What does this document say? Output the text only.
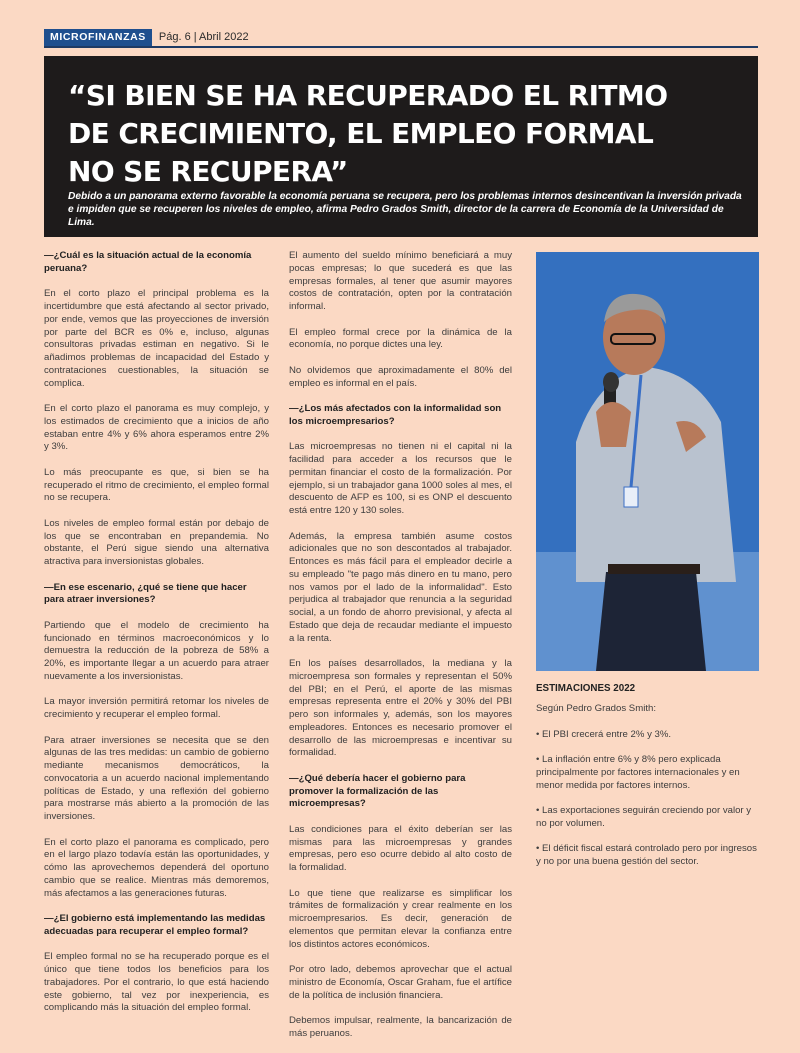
MICROFINANZAS	Pág. 6 | Abril 2022
“SI BIEN SE HA RECUPERADO EL RITMO
DE CRECIMIENTO, EL EMPLEO FORMAL
NO SE RECUPERA”

Debido a un panorama externo favorable la economía peruana se recupera, pero los problemas internos desincentivan la inversión privada e impiden que se recuperen los niveles de empleo, afirma Pedro Grados Smith, director de la carrera de Economía de la Universidad de Lima.

—¿Cuál es la situación actual de la economía peruana?

En el corto plazo el principal problema es la incertidumbre que está afectando al sector privado, por ende, vemos que las proyecciones de inversión por parte del BCR es 0% e, incluso, algunas consultoras privadas estiman en negativo. Si le añadimos problemas de incapacidad del Estado y contrataciones cuestionables, la situación se complica.

En el corto plazo el panorama es muy complejo, y los estimados de crecimiento que a inicios de año estaban entre 4% y 6% ahora esperamos entre 2% y 3%.

Lo más preocupante es que, si bien se ha recuperado el ritmo de crecimiento, el empleo formal no se recupera.

Los niveles de empleo formal están por debajo de los que se encontraban en prepandemia. No obstante, el Perú sigue siendo una alternativa atractiva para inversionistas globales.

—En ese escenario, ¿qué se tiene que hacer para atraer inversiones?

Partiendo que el modelo de crecimiento ha funcionado en términos macroeconómicos y lo demuestra la reducción de la pobreza de 58% a 20%, es importante llegar a un acuerdo para atraer nuevamente a los inversionistas.

La mayor inversión permitirá retomar los niveles de crecimiento y recuperar el empleo formal.

Para atraer inversiones se necesita que se den algunas de las tres medidas: un cambio de gobierno mediante mecanismos democráticos, la convocatoria a un acuerdo nacional implementando políticas de Estado, y una reflexión del gobierno para mostrarse más abierto a la promoción de las inversiones.

En el corto plazo el panorama es complicado, pero en el largo plazo todavía están las oportunidades, y cómo las aprovechemos dependerá del oportuno cambio que se realice. Mientras más demoremos, más afectamos a las generaciones futuras.

—¿El gobierno está implementando las medidas adecuadas para recuperar el empleo formal?

El empleo formal no se ha recuperado porque es el único que tiene todos los beneficios para los trabajadores. Por el contrario, lo que está haciendo este gobierno, tal vez por inexperiencia, es complicando más la situación del empleo formal.

El aumento del sueldo mínimo beneficiará a muy pocas empresas; lo que sucederá es que las empresas formales, al tener que asumir mayores costos de contratación, opten por la contratación informal.

El empleo formal crece por la dinámica de la economía, no porque dictes una ley.

No olvidemos que aproximadamente el 80% del empleo es informal en el país.

—¿Los más afectados con la informalidad son los microempresarios?

Las microempresas no tienen ni el capital ni la facilidad para acceder a los recursos que le permitan financiar el costo de la formalización. Por ejemplo, si un trabajador gana 1000 soles al mes, el descuento de AFP es 100, si es ONP el descuento está entre 120 y 130 soles.

Además, la empresa también asume costos adicionales que no son descontados al trabajador. Entonces es más fácil para el empleador decirle a su empleado "te pago más dinero en tu mano, pero nos vamos por el lado de la informalidad". Esto perjudica al trabajador que renuncia a la seguridad social, a un fondo de ahorro previsional, y afecta al Estado que deja de recaudar mediante el impuesto a la renta.

En los países desarrollados, la mediana y la microempresa son formales y representan el 50% del PBI; en el Perú, el aporte de las mismas empresas representa entre el 20% y 30% del PBI pero son informales y, además, son los mayores empleadores. Entonces es necesario promover el desarrollo de las microempresas e incentivar su formalidad.

—¿Qué debería hacer el gobierno para promover la formalización de las microempresas?

Las condiciones para el éxito deberían ser las mismas para las microempresas y grandes empresas, pero eso ocurre debido al alto costo de la formalidad.

Lo que tiene que realizarse es simplificar los trámites de formalización y crear realmente en los microempresarios. Es decir, generación de elementos que permitan elevar la confianza entre los distintos actores económicos.

Por otro lado, debemos aprovechar que el actual ministro de Economía, Oscar Graham, fue el artífice de la política de inclusión financiera.

Debemos impulsar, realmente, la bancarización de más peruanos.

ESTIMACIONES 2022

Según Pedro Grados Smith:

• El PBI crecerá entre 2% y 3%.

• La inflación entre 6% y 8% pero explicada principalmente por factores internacionales y en menor medida por factores internos.

• Las exportaciones seguirán creciendo por valor y no por volumen.

• El déficit fiscal estará controlado pero por ingresos y no por una buena gestión del sector.
